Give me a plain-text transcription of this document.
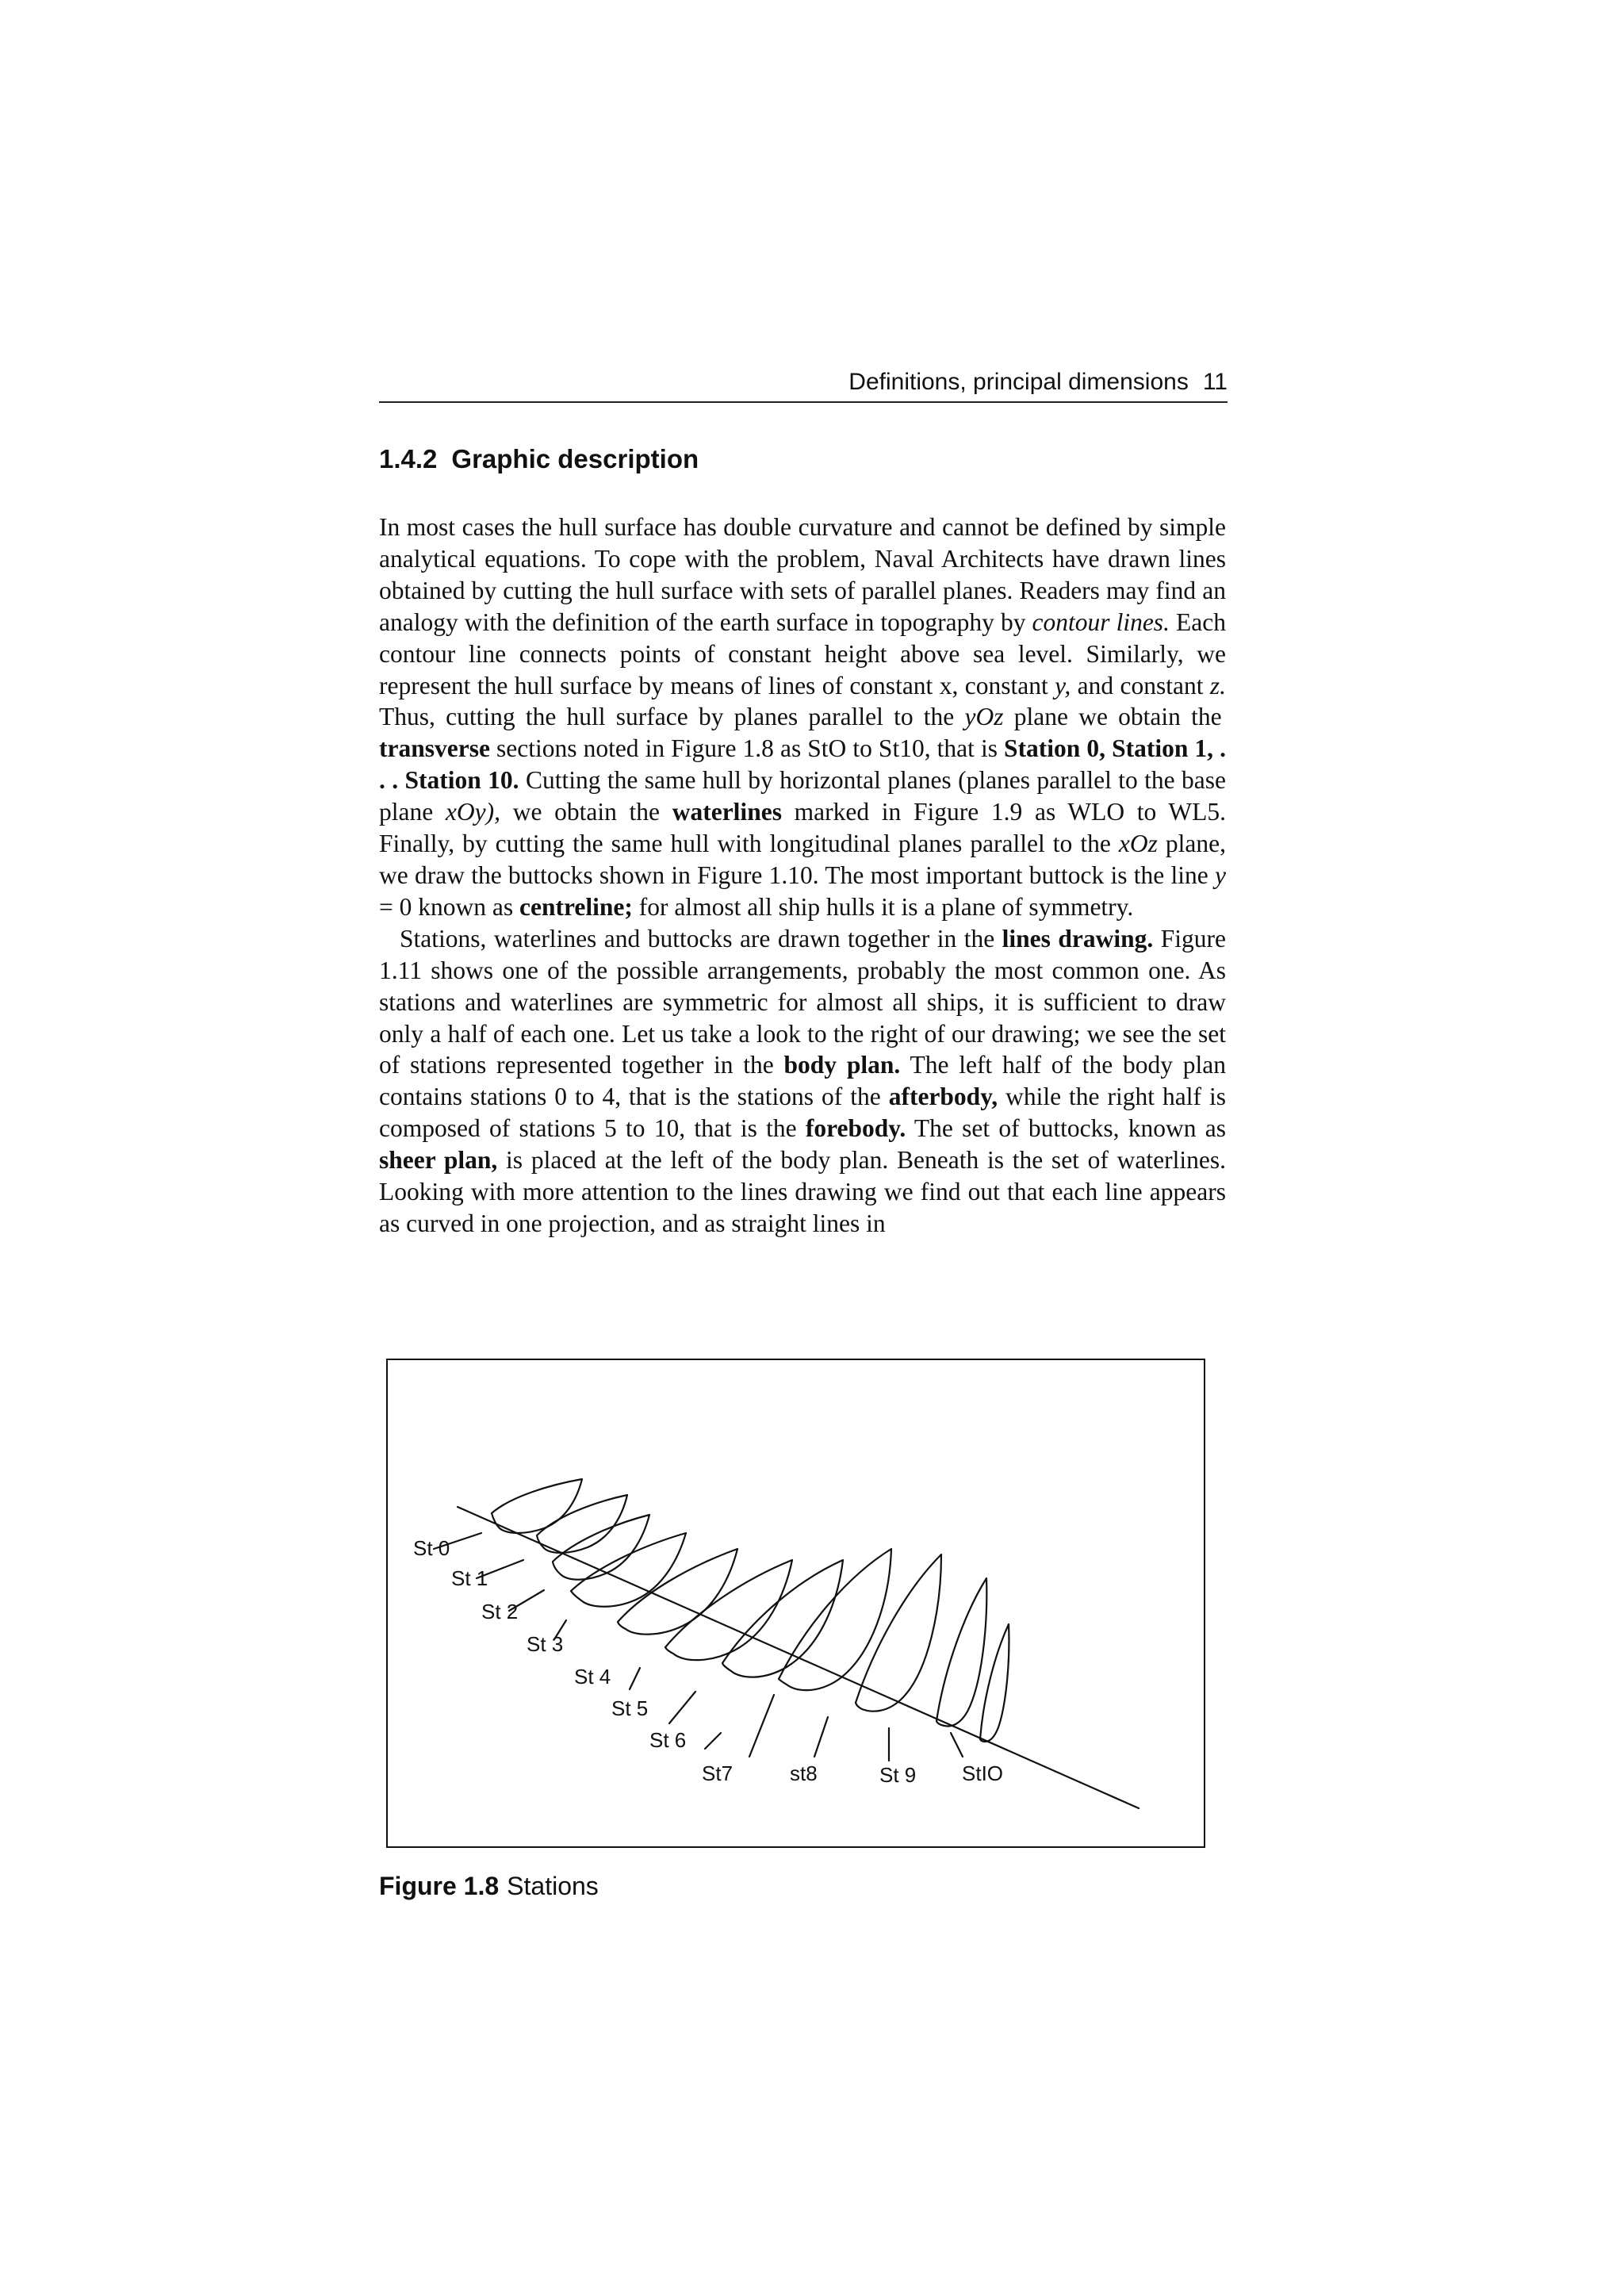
Definitions, principal dimensions 11
1.4.2 Graphic description

In most cases the hull surface has double curvature and cannot be defined by simple analytical equations. To cope with the problem, Naval Architects have drawn lines obtained by cutting the hull surface with sets of parallel planes. Readers may find an analogy with the definition of the earth surface in topography by contour lines. Each contour line connects points of constant height above sea level. Similarly, we represent the hull surface by means of lines of constant x, constant y, and constant z. Thus, cutting the hull surface by planes parallel to the yOz plane we obtain the transverse sections noted in Figure 1.8 as StO to St10, that is Station 0, Station 1, . . . Station 10. Cutting the same hull by horizontal planes (planes parallel to the base plane xOy), we obtain the waterlines marked in Figure 1.9 as WLO to WL5. Finally, by cutting the same hull with longitudinal planes parallel to the xOz plane, we draw the buttocks shown in Figure 1.10. The most important buttock is the line y = 0 known as centreline; for almost all ship hulls it is a plane of symmetry.

Stations, waterlines and buttocks are drawn together in the lines drawing. Figure 1.11 shows one of the possible arrangements, probably the most common one. As stations and waterlines are symmetric for almost all ships, it is sufficient to draw only a half of each one. Let us take a look to the right of our drawing; we see the set of stations represented together in the body plan. The left half of the body plan contains stations 0 to 4, that is the stations of the afterbody, while the right half is composed of stations 5 to 10, that is the forebody. The set of buttocks, known as sheer plan, is placed at the left of the body plan. Beneath is the set of waterlines. Looking with more attention to the lines drawing we find out that each line appears as curved in one projection, and as straight lines in

St 0
St 1
St 2
St 3
St 4
St 5
St 6
St7	st8	St 9 StIO
Figure 1.8 Stations
